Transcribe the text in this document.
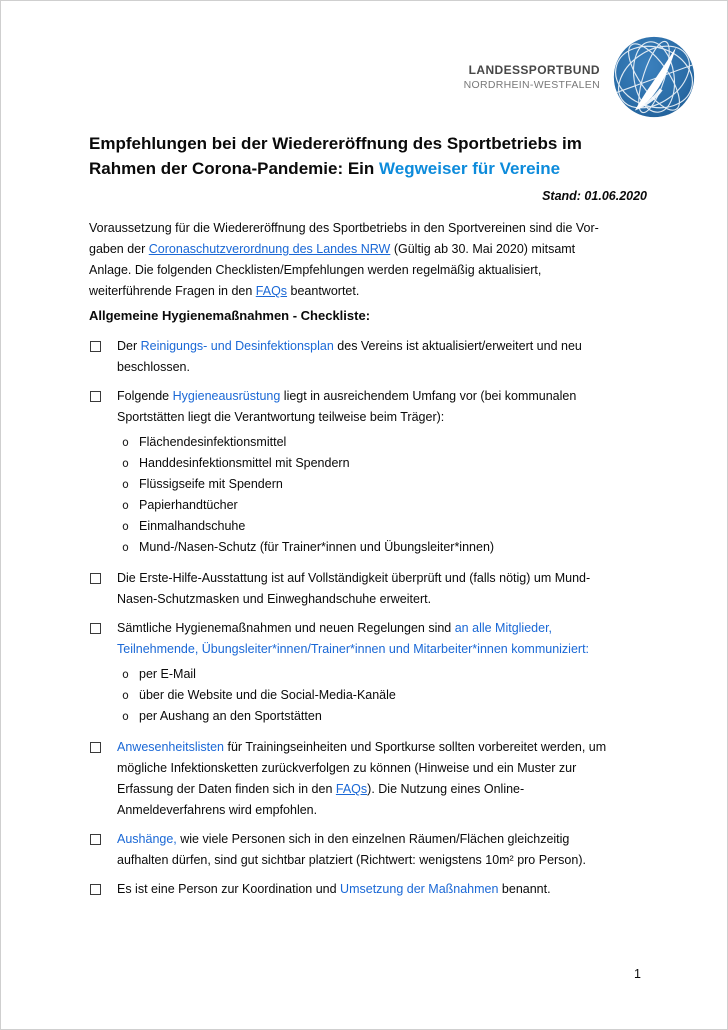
LANDESSPORTBUND
NORDRHEIN-WESTFALEN
Empfehlungen bei der Wiedereröffnung des Sportbetriebs im
Rahmen der Corona-Pandemie: Ein Wegweiser für Vereine
Stand: 01.06.2020

Voraussetzung für die Wiedereröffnung des Sportbetriebs in den Sportvereinen sind die Vor-
gaben der Coronaschutzverordnung des Landes NRW (Gültig ab 30. Mai 2020) mitsamt
Anlage. Die folgenden Checklisten/Empfehlungen werden regelmäßig aktualisiert,
weiterführende Fragen in den FAQs beantwortet.

Allgemeine Hygienemaßnahmen - Checkliste:
Der Reinigungs- und Desinfektionsplan des Vereins ist aktualisiert/erweitert und neu
beschlossen.
Folgende Hygieneausrüstung liegt in ausreichendem Umfang vor (bei kommunalen
Sportstätten liegt die Verantwortung teilweise beim Träger):
o Flächendesinfektionsmittel
o Handdesinfektionsmittel mit Spendern
o Flüssigseife mit Spendern
o Papierhandtücher
o Einmalhandschuhe
o Mund-/Nasen-Schutz (für Trainer*innen und Übungsleiter*innen)
Die Erste-Hilfe-Ausstattung ist auf Vollständigkeit überprüft und (falls nötig) um Mund-
Nasen-Schutzmasken und Einweghandschuhe erweitert.
Sämtliche Hygienemaßnahmen und neuen Regelungen sind an alle Mitglieder,
Teilnehmende, Übungsleiter*innen/Trainer*innen und Mitarbeiter*innen kommuniziert:
o per E-Mail
o über die Website und die Social-Media-Kanäle
o per Aushang an den Sportstätten
Anwesenheitslisten für Trainingseinheiten und Sportkurse sollten vorbereitet werden, um
mögliche Infektionsketten zurückverfolgen zu können (Hinweise und ein Muster zur
Erfassung der Daten finden sich in den FAQs). Die Nutzung eines Online-
Anmeldeverfahrens wird empfohlen.
Aushänge, wie viele Personen sich in den einzelnen Räumen/Flächen gleichzeitig
aufhalten dürfen, sind gut sichtbar platziert (Richtwert: wenigstens 10m² pro Person).
Es ist eine Person zur Koordination und Umsetzung der Maßnahmen benannt.
1
